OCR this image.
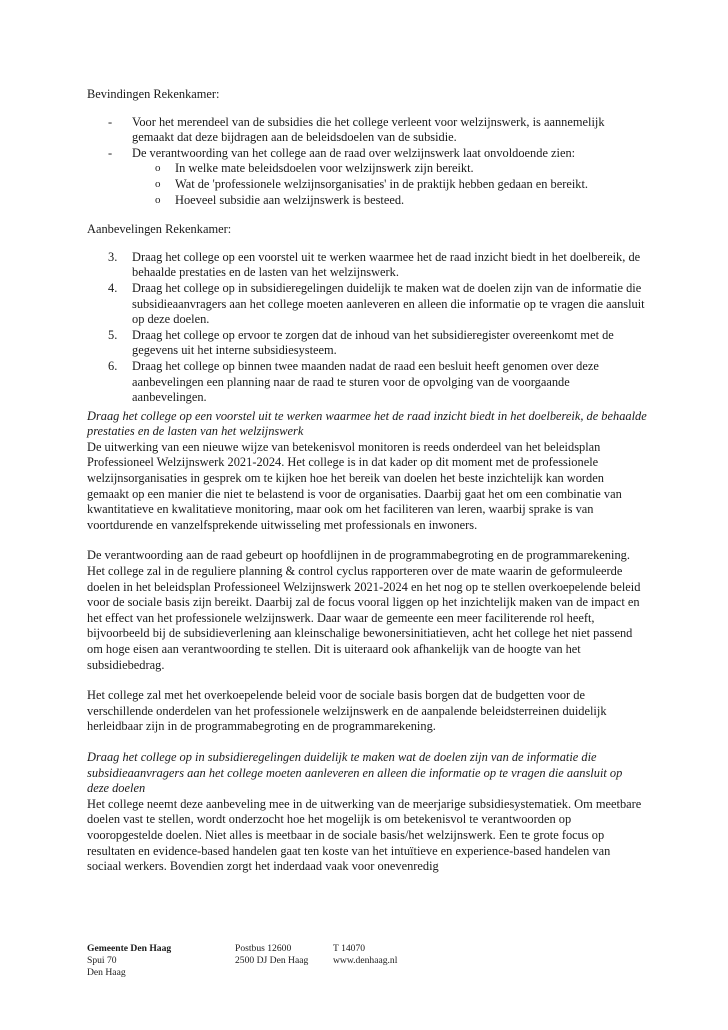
Bevindingen Rekenkamer:

- Voor het merendeel van de subsidies die het college verleent voor welzijnswerk, is aannemelijk gemaakt dat deze bijdragen aan de beleidsdoelen van de subsidie.
- De verantwoording van het college aan de raad over welzijnswerk laat onvoldoende zien:
o In welke mate beleidsdoelen voor welzijnswerk zijn bereikt.
o Wat de 'professionele welzijnsorganisaties' in de praktijk hebben gedaan en bereikt.
o Hoeveel subsidie aan welzijnswerk is besteed.

Aanbevelingen Rekenkamer:

3. Draag het college op een voorstel uit te werken waarmee het de raad inzicht biedt in het doelbereik, de behaalde prestaties en de lasten van het welzijnswerk.
4. Draag het college op in subsidieregelingen duidelijk te maken wat de doelen zijn van de informatie die subsidieaanvragers aan het college moeten aanleveren en alleen die informatie op te vragen die aansluit op deze doelen.
5. Draag het college op ervoor te zorgen dat de inhoud van het subsidieregister overeenkomt met de gegevens uit het interne subsidiesysteem.
6. Draag het college op binnen twee maanden nadat de raad een besluit heeft genomen over deze aanbevelingen een planning naar de raad te sturen voor de opvolging van de voorgaande aanbevelingen.

Draag het college op een voorstel uit te werken waarmee het de raad inzicht biedt in het doelbereik, de behaalde prestaties en de lasten van het welzijnswerk

De uitwerking van een nieuwe wijze van betekenisvol monitoren is reeds onderdeel van het beleidsplan Professioneel Welzijnswerk 2021-2024. Het college is in dat kader op dit moment met de professionele welzijnsorganisaties in gesprek om te kijken hoe het bereik van doelen het beste inzichtelijk kan worden gemaakt op een manier die niet te belastend is voor de organisaties. Daarbij gaat het om een combinatie van kwantitatieve en kwalitatieve monitoring, maar ook om het faciliteren van leren, waarbij sprake is van voortdurende en vanzelfsprekende uitwisseling met professionals en inwoners.

De verantwoording aan de raad gebeurt op hoofdlijnen in de programmabegroting en de programmarekening. Het college zal in de reguliere planning & control cyclus rapporteren over de mate waarin de geformuleerde doelen in het beleidsplan Professioneel Welzijnswerk 2021-2024 en het nog op te stellen overkoepelende beleid voor de sociale basis zijn bereikt. Daarbij zal de focus vooral liggen op het inzichtelijk maken van de impact en het effect van het professionele welzijnswerk. Daar waar de gemeente een meer faciliterende rol heeft, bijvoorbeeld bij de subsidieverlening aan kleinschalige bewonersinitiatieven, acht het college het niet passend om hoge eisen aan verantwoording te stellen. Dit is uiteraard ook afhankelijk van de hoogte van het subsidiebedrag.

Het college zal met het overkoepelende beleid voor de sociale basis borgen dat de budgetten voor de verschillende onderdelen van het professionele welzijnswerk en de aanpalende beleidsterreinen duidelijk herleidbaar zijn in de programmabegroting en de programmarekening.

Draag het college op in subsidieregelingen duidelijk te maken wat de doelen zijn van de informatie die subsidieaanvragers aan het college moeten aanleveren en alleen die informatie op te vragen die aansluit op deze doelen

Het college neemt deze aanbeveling mee in de uitwerking van de meerjarige subsidiesystematiek. Om meetbare doelen vast te stellen, wordt onderzocht hoe het mogelijk is om betekenisvol te verantwoorden op vooropgestelde doelen. Niet alles is meetbaar in de sociale basis/het welzijnswerk. Een te grote focus op resultaten en evidence-based handelen gaat ten koste van het intuïtieve en experience-based handelen van sociaal werkers. Bovendien zorgt het inderdaad vaak voor onevenredig

Gemeente Den Haag
Spui 70
Den Haag
Postbus 12600
2500 DJ Den Haag
T 14070
www.denhaag.nl
